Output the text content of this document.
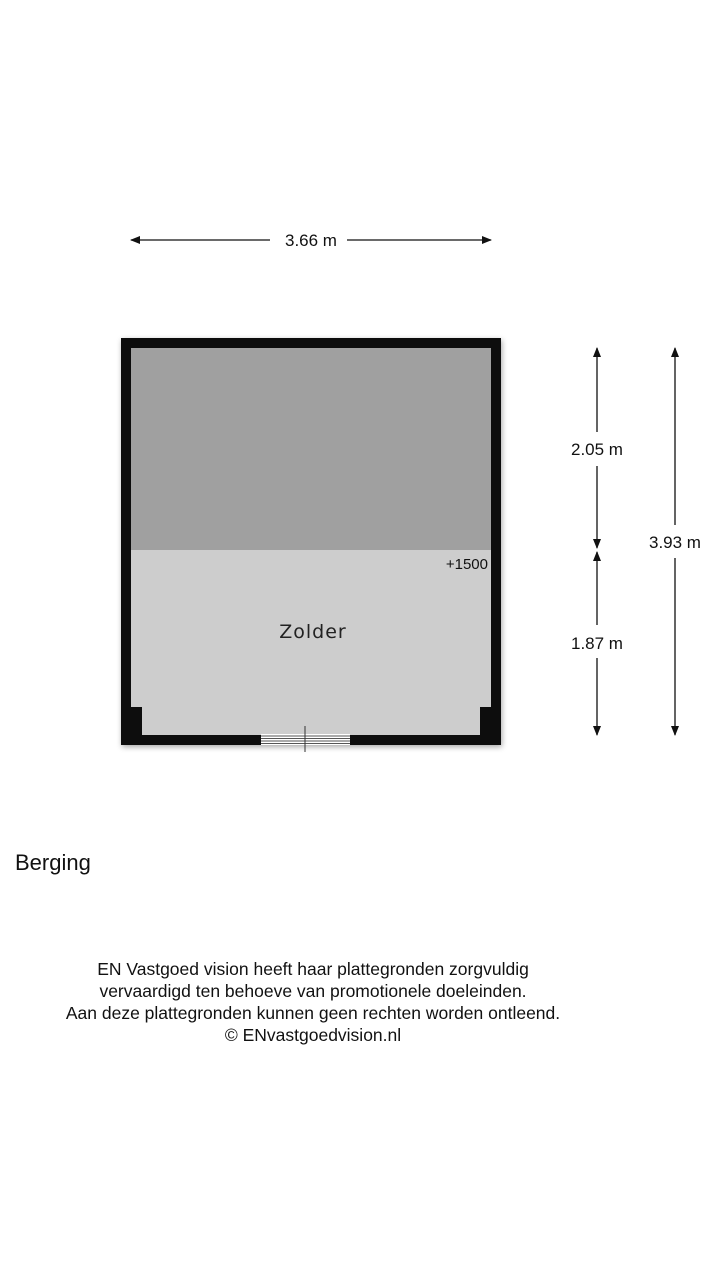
3.66 m
Zolder
+1500
2.05 m
1.87 m
3.93 m
Berging
EN Vastgoed vision heeft haar plattegronden zorgvuldig
vervaardigd ten behoeve van promotionele doeleinden.
Aan deze plattegronden kunnen geen rechten worden ontleend.
© ENvastgoedvision.nl
